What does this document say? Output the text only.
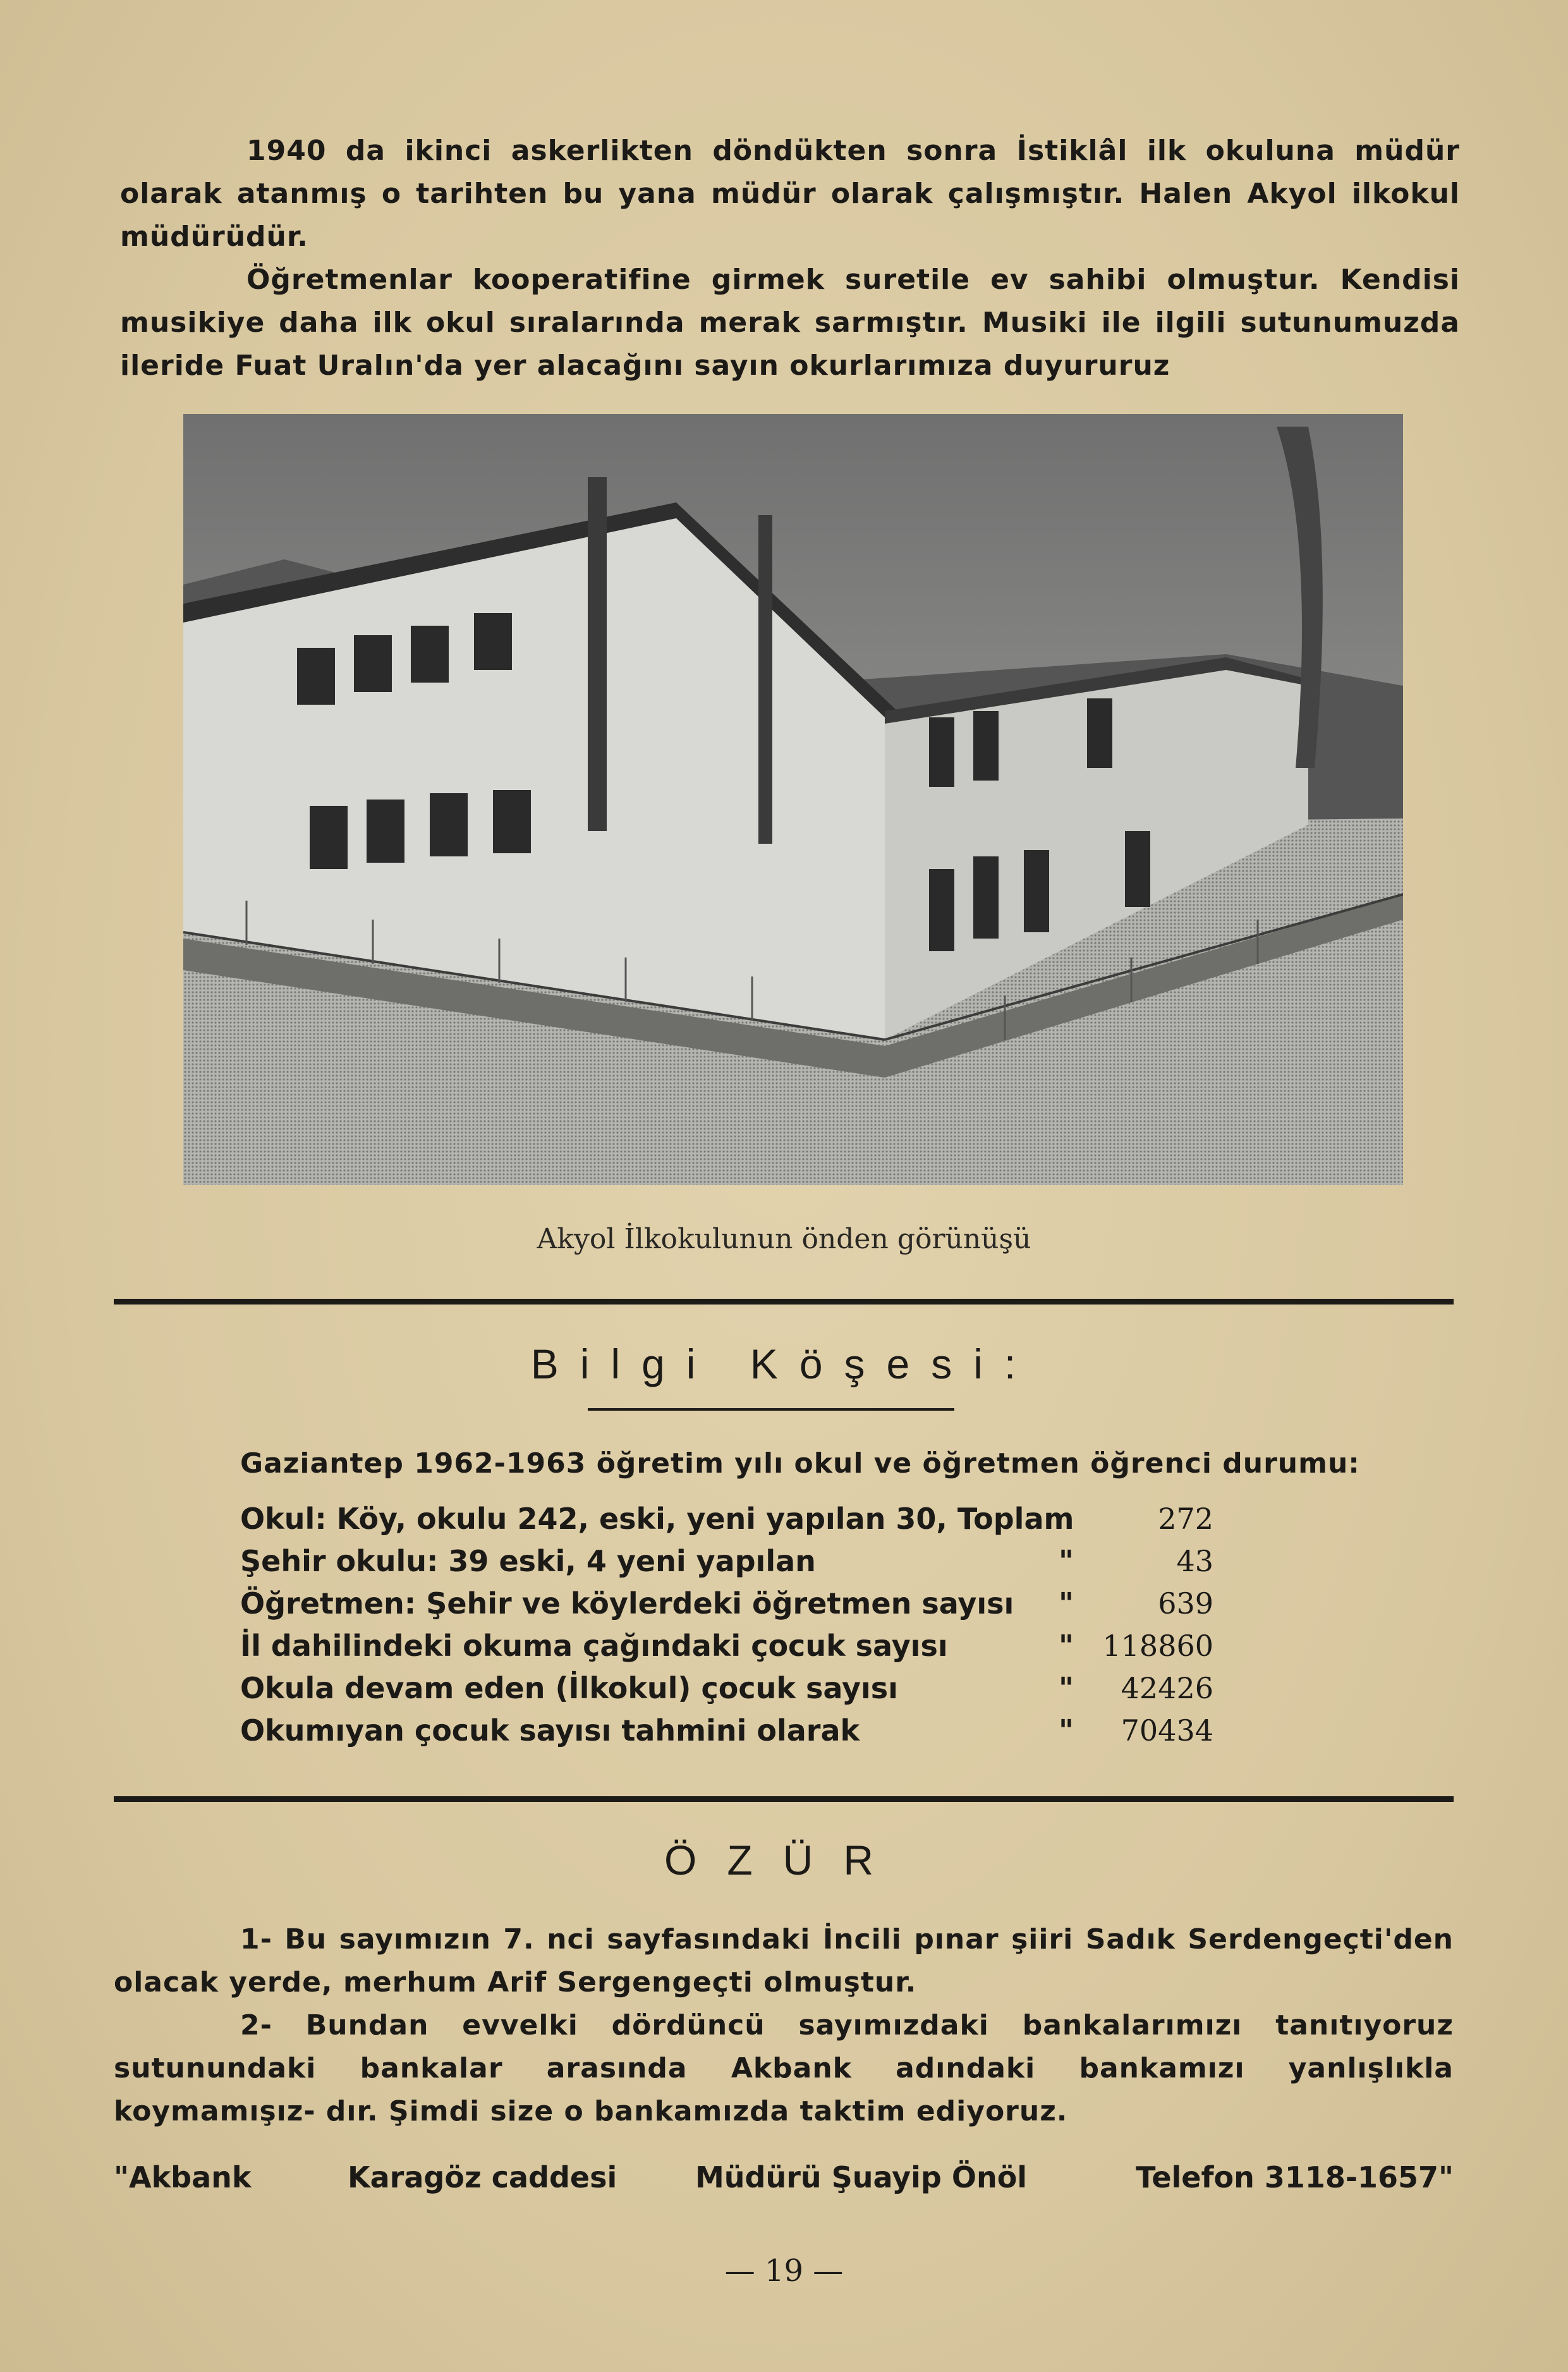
1940 da ikinci askerlikten döndükten sonra İstiklâl ilk okuluna müdür olarak atanmış o tarihten bu yana müdür olarak çalışmıştır. Halen Akyol ilkokul müdürüdür.

Öğretmenlar kooperatifine girmek suretile ev sahibi olmuştur. Kendisi musikiye daha ilk okul sıralarında merak sarmıştır. Musiki ile ilgili sutunumuzda ileride Fuat Uralın'da yer alacağını sayın okurlarımıza duyururuz

Akyol İlkokulunun önden görünüşü
Bilgi Köşesi:
Gaziantep 1962-1963 öğretim yılı okul ve öğretmen öğrenci durumu:
Okul: Köy, okulu 242, eski, yeni yapılan 30, Toplam	272
Şehir okulu: 39 eski, 4 yeni yapılan	"	43
Öğretmen: Şehir ve köylerdeki öğretmen sayısı "	639
İl dahilindeki okuma çağındaki çocuk sayısı	" 118860
Okula devam eden (İlkokul) çocuk sayısı	" 42426
Okumıyan çocuk sayısı tahmini olarak	" 70434
ÖZÜR

1- Bu sayımızın 7. nci sayfasındaki İncili pınar şiiri Sadık Serdengeçti'den olacak yerde, merhum Arif Sergengeçti olmuştur.

2- Bundan evvelki dördüncü sayımızdaki bankalarımızı tanıtıyoruz sutunundaki bankalar arasında Akbank adındaki bankamızı yanlışlıkla koymamışız- dır. Şimdi size o bankamızda taktim ediyoruz.

"Akbank	Karagöz caddesi	Müdürü Şuayip Önöl	Telefon 3118-1657"
— 19 —
